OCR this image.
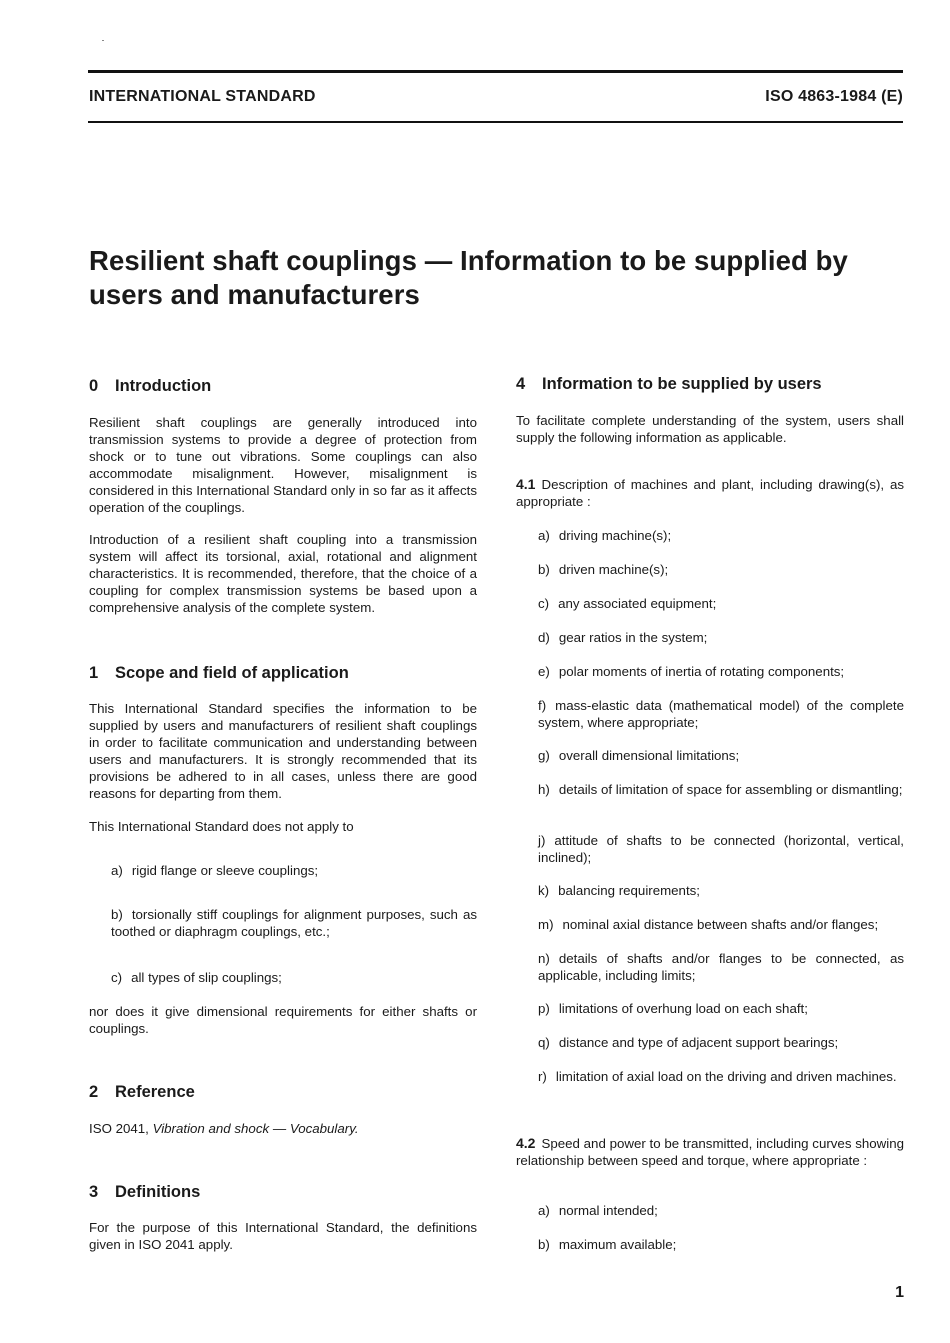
INTERNATIONAL STANDARD	ISO 4863-1984 (E)
Resilient shaft couplings — Information to be supplied by
users and manufacturers
0 Introduction

Resilient shaft couplings are generally introduced into transmission systems to provide a degree of protection from shock or to tune out vibrations. Some couplings can also accommodate misalignment. However, misalignment is considered in this International Standard only in so far as it affects operation of the couplings.

Introduction of a resilient shaft coupling into a transmission system will affect its torsional, axial, rotational and alignment characteristics. It is recommended, therefore, that the choice of a coupling for complex transmission systems be based upon a comprehensive analysis of the complete system.

1 Scope and field of application

This International Standard specifies the information to be supplied by users and manufacturers of resilient shaft couplings in order to facilitate communication and understanding between users and manufacturers. It is strongly recommended that its provisions be adhered to in all cases, unless there are good reasons for departing from them.

This International Standard does not apply to

a) rigid flange or sleeve couplings;
b) torsionally stiff couplings for alignment purposes, such as toothed or diaphragm couplings, etc.;
c) all types of slip couplings;

nor does it give dimensional requirements for either shafts or couplings.

2 Reference

ISO 2041, Vibration and shock — Vocabulary.

3 Definitions

For the purpose of this International Standard, the definitions given in ISO 2041 apply.

4 Information to be supplied by users

To facilitate complete understanding of the system, users shall supply the following information as applicable.

4.1 Description of machines and plant, including drawing(s), as appropriate :

a) driving machine(s);
b) driven machine(s);
c) any associated equipment;
d) gear ratios in the system;
e) polar moments of inertia of rotating components;
f) mass-elastic data (mathematical model) of the complete system, where appropriate;
g) overall dimensional limitations;
h) details of limitation of space for assembling or dismantling;
j) attitude of shafts to be connected (horizontal, vertical, inclined);
k) balancing requirements;
m) nominal axial distance between shafts and/or flanges;
n) details of shafts and/or flanges to be connected, as applicable, including limits;
p) limitations of overhung load on each shaft;
q) distance and type of adjacent support bearings;
r) limitation of axial load on the driving and driven machines.

4.2 Speed and power to be transmitted, including curves showing relationship between speed and torque, where appropriate :

a) normal intended;
b) maximum available;
1
